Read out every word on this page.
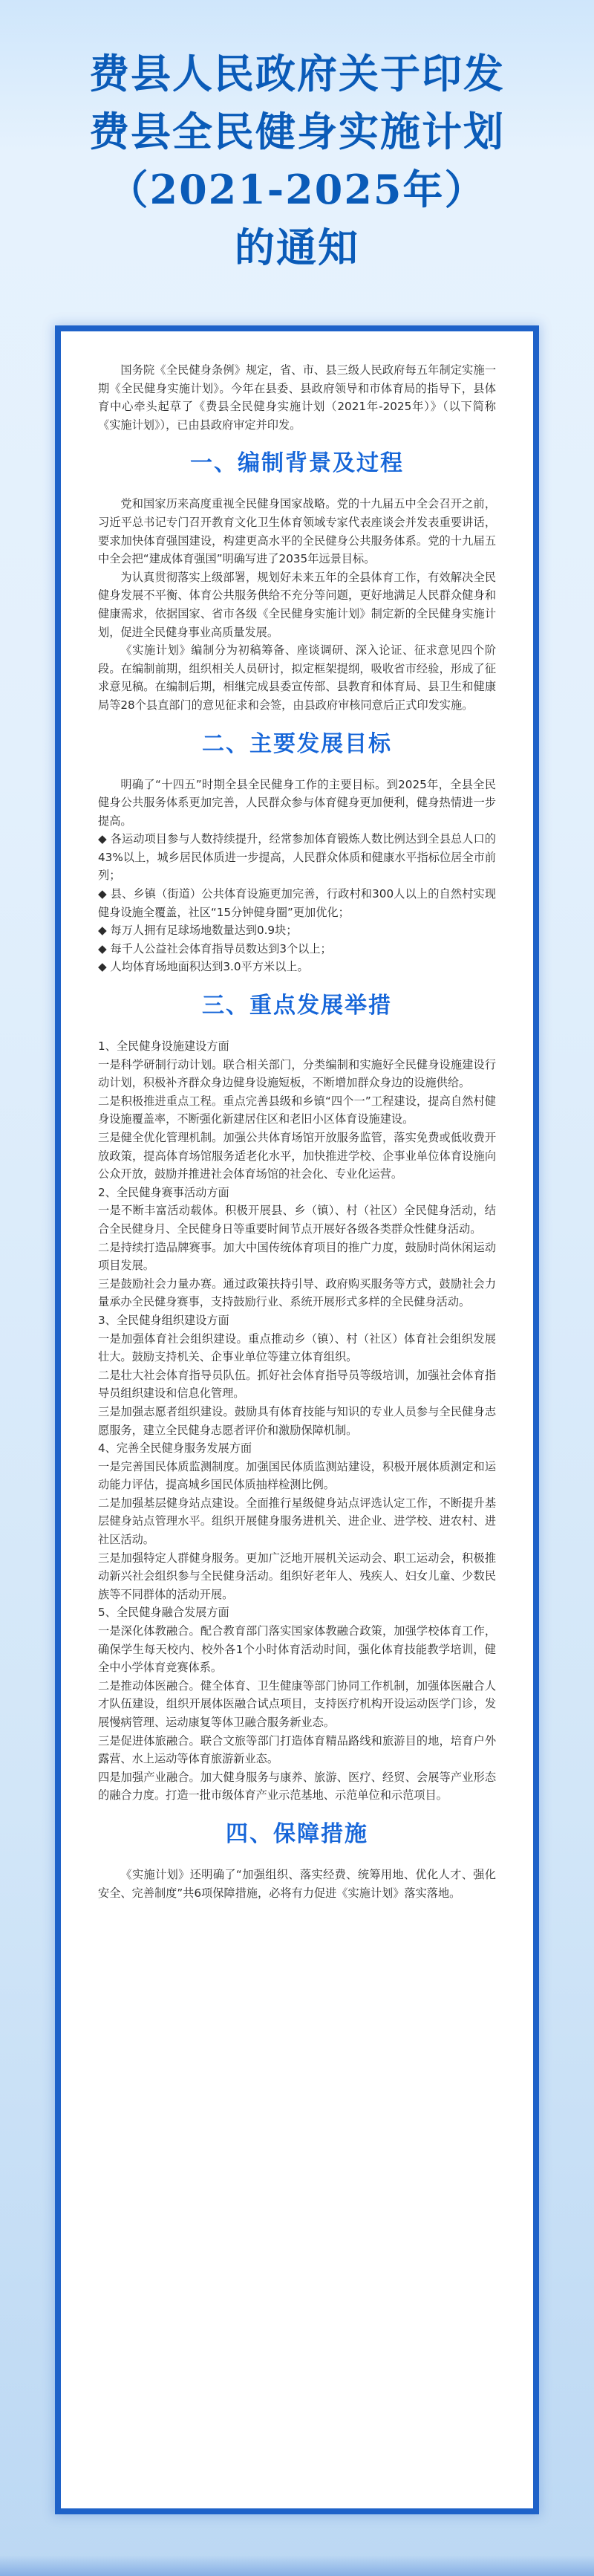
费县人民政府关于印发
费县全民健身实施计划
（2021-2025年）
的通知

国务院《全民健身条例》规定，省、市、县三级人民政府每五年制定实施一期《全民健身实施计划》。今年在县委、县政府领导和市体育局的指导下，县体育中心牵头起草了《费县全民健身实施计划（2021年-2025年）》（以下简称《实施计划》），已由县政府审定并印发。

一、编制背景及过程

党和国家历来高度重视全民健身国家战略。党的十九届五中全会召开之前，习近平总书记专门召开教育文化卫生体育领域专家代表座谈会并发表重要讲话，要求加快体育强国建设，构建更高水平的全民健身公共服务体系。党的十九届五中全会把“建成体育强国”明确写进了2035年远景目标。

为认真贯彻落实上级部署，规划好未来五年的全县体育工作，有效解决全民健身发展不平衡、体育公共服务供给不充分等问题，更好地满足人民群众健身和健康需求，依据国家、省市各级《全民健身实施计划》制定新的全民健身实施计划，促进全民健身事业高质量发展。

《实施计划》编制分为初稿筹备、座谈调研、深入论证、征求意见四个阶段。在编制前期，组织相关人员研讨，拟定框架提纲，吸收省市经验，形成了征求意见稿。在编制后期，相继完成县委宣传部、县教育和体育局、县卫生和健康局等28个县直部门的意见征求和会签，由县政府审核同意后正式印发实施。

二、主要发展目标

明确了“十四五”时期全县全民健身工作的主要目标。到2025年，全县全民健身公共服务体系更加完善，人民群众参与体育健身更加便利，健身热情进一步提高。

◆ 各运动项目参与人数持续提升，经常参加体育锻炼人数比例达到全县总人口的43%以上，城乡居民体质进一步提高，人民群众体质和健康水平指标位居全市前列；

◆ 县、乡镇（街道）公共体育设施更加完善，行政村和300人以上的自然村实现健身设施全覆盖，社区“15分钟健身圈”更加优化；

◆ 每万人拥有足球场地数量达到0.9块；

◆ 每千人公益社会体育指导员数达到3个以上；

◆ 人均体育场地面积达到3.0平方米以上。

三、重点发展举措

1、全民健身设施建设方面

一是科学研制行动计划。联合相关部门，分类编制和实施好全民健身设施建设行动计划，积极补齐群众身边健身设施短板，不断增加群众身边的设施供给。

二是积极推进重点工程。重点完善县级和乡镇“四个一”工程建设，提高自然村健身设施覆盖率，不断强化新建居住区和老旧小区体育设施建设。

三是健全优化管理机制。加强公共体育场馆开放服务监管，落实免费或低收费开放政策，提高体育场馆服务适老化水平，加快推进学校、企事业单位体育设施向公众开放，鼓励并推进社会体育场馆的社会化、专业化运营。

2、全民健身赛事活动方面

一是不断丰富活动载体。积极开展县、乡（镇）、村（社区）全民健身活动，结合全民健身月、全民健身日等重要时间节点开展好各级各类群众性健身活动。

二是持续打造品牌赛事。加大中国传统体育项目的推广力度，鼓励时尚休闲运动项目发展。

三是鼓励社会力量办赛。通过政策扶持引导、政府购买服务等方式，鼓励社会力量承办全民健身赛事，支持鼓励行业、系统开展形式多样的全民健身活动。

3、全民健身组织建设方面

一是加强体育社会组织建设。重点推动乡（镇）、村（社区）体育社会组织发展壮大。鼓励支持机关、企事业单位等建立体育组织。

二是壮大社会体育指导员队伍。抓好社会体育指导员等级培训，加强社会体育指导员组织建设和信息化管理。

三是加强志愿者组织建设。鼓励具有体育技能与知识的专业人员参与全民健身志愿服务，建立全民健身志愿者评价和激励保障机制。

4、完善全民健身服务发展方面

一是完善国民体质监测制度。加强国民体质监测站建设，积极开展体质测定和运动能力评估，提高城乡国民体质抽样检测比例。

二是加强基层健身站点建设。全面推行星级健身站点评选认定工作，不断提升基层健身站点管理水平。组织开展健身服务进机关、进企业、进学校、进农村、进社区活动。

三是加强特定人群健身服务。更加广泛地开展机关运动会、职工运动会，积极推动新兴社会组织参与全民健身活动。组织好老年人、残疾人、妇女儿童、少数民族等不同群体的活动开展。

5、全民健身融合发展方面

一是深化体教融合。配合教育部门落实国家体教融合政策，加强学校体育工作，确保学生每天校内、校外各1个小时体育活动时间，强化体育技能教学培训，健全中小学体育竞赛体系。

二是推动体医融合。健全体育、卫生健康等部门协同工作机制，加强体医融合人才队伍建设，组织开展体医融合试点项目，支持医疗机构开设运动医学门诊，发展慢病管理、运动康复等体卫融合服务新业态。

三是促进体旅融合。联合文旅等部门打造体育精品路线和旅游目的地，培育户外露营、水上运动等体育旅游新业态。

四是加强产业融合。加大健身服务与康养、旅游、医疗、经贸、会展等产业形态的融合力度。打造一批市级体育产业示范基地、示范单位和示范项目。

四、保障措施

《实施计划》还明确了“加强组织、落实经费、统筹用地、优化人才、强化安全、完善制度”共6项保障措施，必将有力促进《实施计划》落实落地。
